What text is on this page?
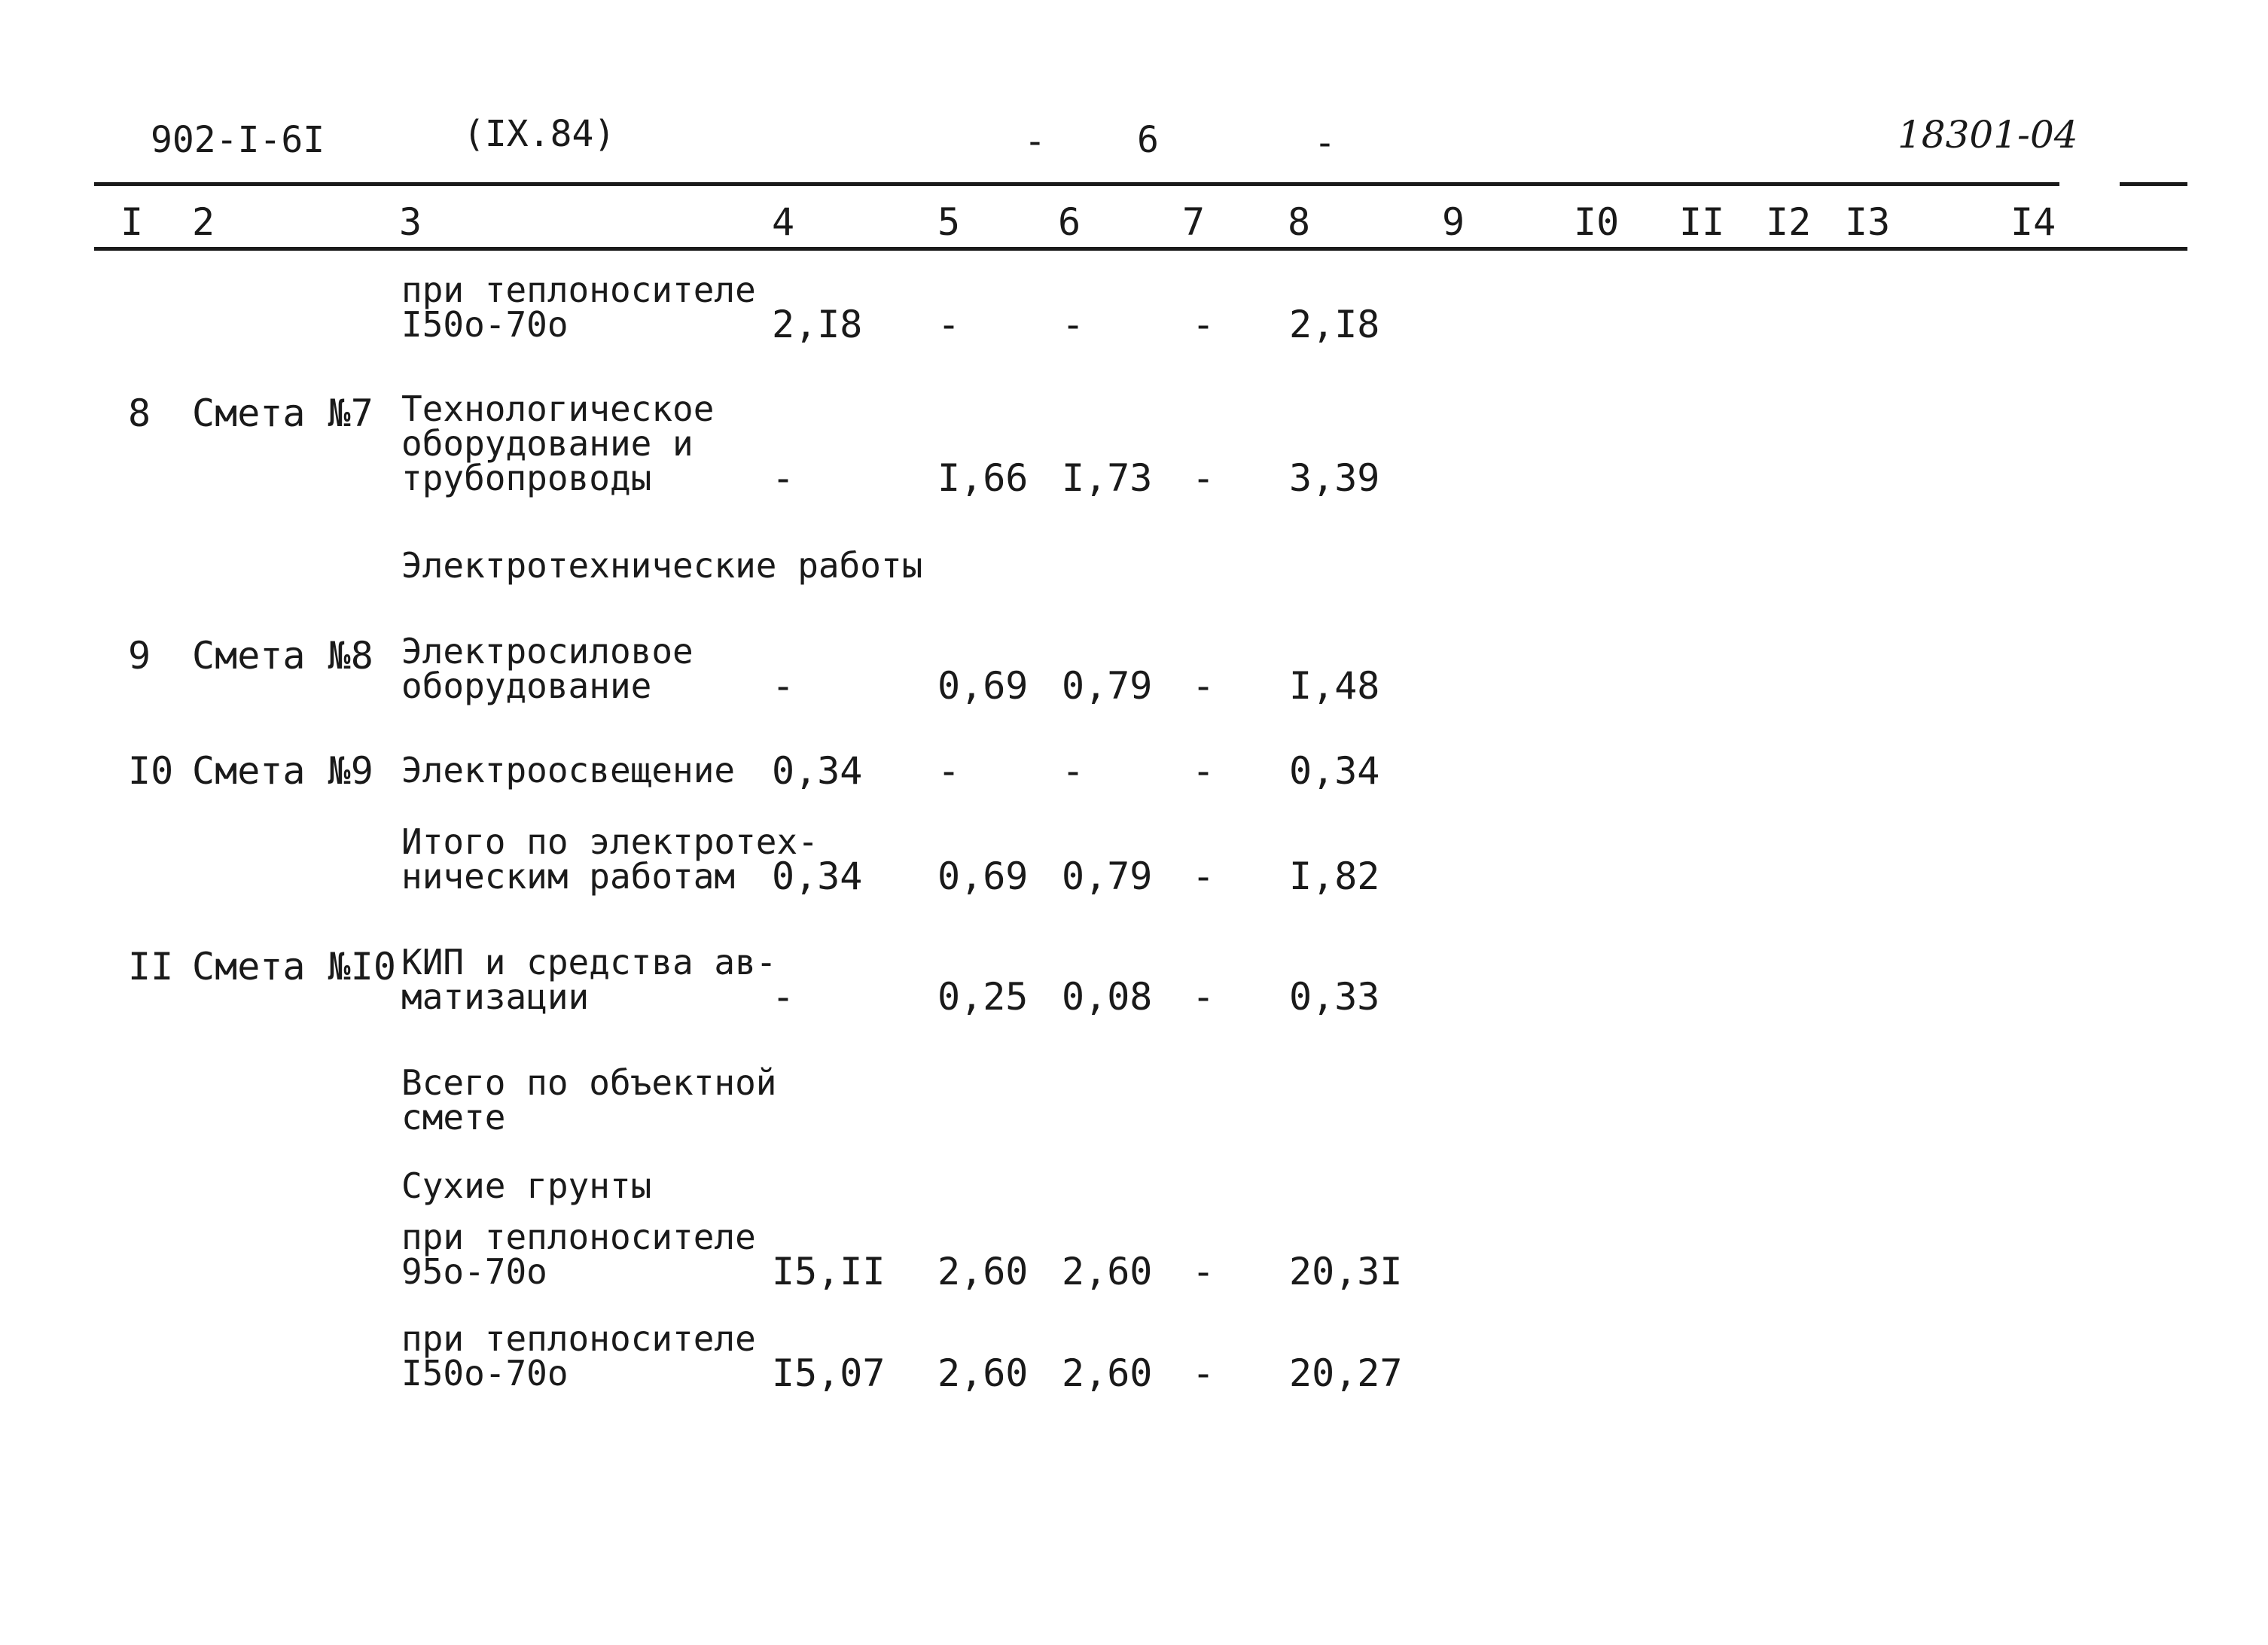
902-I-6I	(IX.84)	-	6	-	18301-04
I 2	3	4	5	6	7 8	9	I0 II I2 I3	I4
при теплоносителе
I50о-70о	2,I8 -	-	- 2,I8
8 Смета №7 Технологическое
оборудование и
трубопроводы	-	I,66 I,73 - 3,39
Электротехнические работы
9 Смета №8 Электросиловое
оборудование	-	0,69 0,79 - I,48
I0 Смета №9 Электроосвещение 0,34 -	-	- 0,34
Итого по электротех-
ническим работам 0,34 0,69 0,79 - I,82
II Смета №I0 КИП и средства ав-
матизации	-	0,25 0,08 - 0,33
Всего по объектной
смете
Сухие грунты
при теплоносителе
95о-70о	I5,II 2,60 2,60 - 20,3I
при теплоносителе
I50о-70о	I5,07 2,60 2,60 - 20,27
